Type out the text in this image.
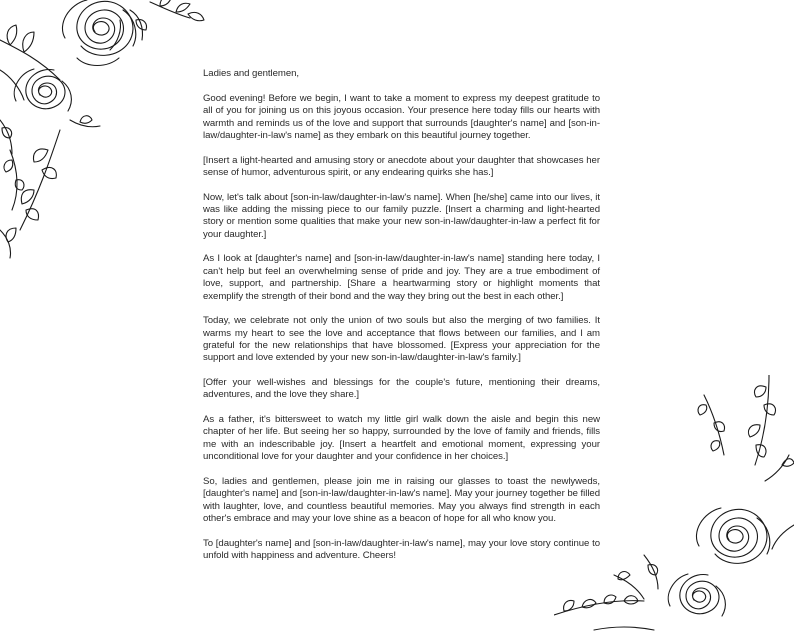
Ladies and gentlemen,

Good evening! Before we begin, I want to take a moment to express my deepest gratitude to all of you for joining us on this joyous occasion. Your presence here today fills our hearts with warmth and reminds us of the love and support that surrounds [daughter's name] and [son-in-law/daughter-in-law's name] as they embark on this beautiful journey together.

[Insert a light-hearted and amusing story or anecdote about your daughter that showcases her sense of humor, adventurous spirit, or any endearing quirks she has.]

Now, let's talk about [son-in-law/daughter-in-law's name]. When [he/she] came into our lives, it was like adding the missing piece to our family puzzle. [Insert a charming and light-hearted story or mention some qualities that make your new son-in-law/daughter-in-law a perfect fit for your daughter.]

As I look at [daughter's name] and [son-in-law/daughter-in-law's name] standing here today, I can't help but feel an overwhelming sense of pride and joy. They are a true embodiment of love, support, and partnership. [Share a heartwarming story or highlight moments that exemplify the strength of their bond and the way they bring out the best in each other.]

Today, we celebrate not only the union of two souls but also the merging of two families. It warms my heart to see the love and acceptance that flows between our families, and I am grateful for the new relationships that have blossomed. [Express your appreciation for the support and love extended by your new son-in-law/daughter-in-law's family.]

[Offer your well-wishes and blessings for the couple's future, mentioning their dreams, adventures, and the love they share.]

As a father, it's bittersweet to watch my little girl walk down the aisle and begin this new chapter of her life. But seeing her so happy, surrounded by the love of family and friends, fills me with an indescribable joy. [Insert a heartfelt and emotional moment, expressing your unconditional love for your daughter and your confidence in her choices.]

So, ladies and gentlemen, please join me in raising our glasses to toast the newlyweds, [daughter's name] and [son-in-law/daughter-in-law's name]. May your journey together be filled with laughter, love, and countless beautiful memories. May you always find strength in each other's embrace and may your love shine as a beacon of hope for all who know you.

To [daughter's name] and [son-in-law/daughter-in-law's name], may your love story continue to unfold with happiness and adventure. Cheers!
